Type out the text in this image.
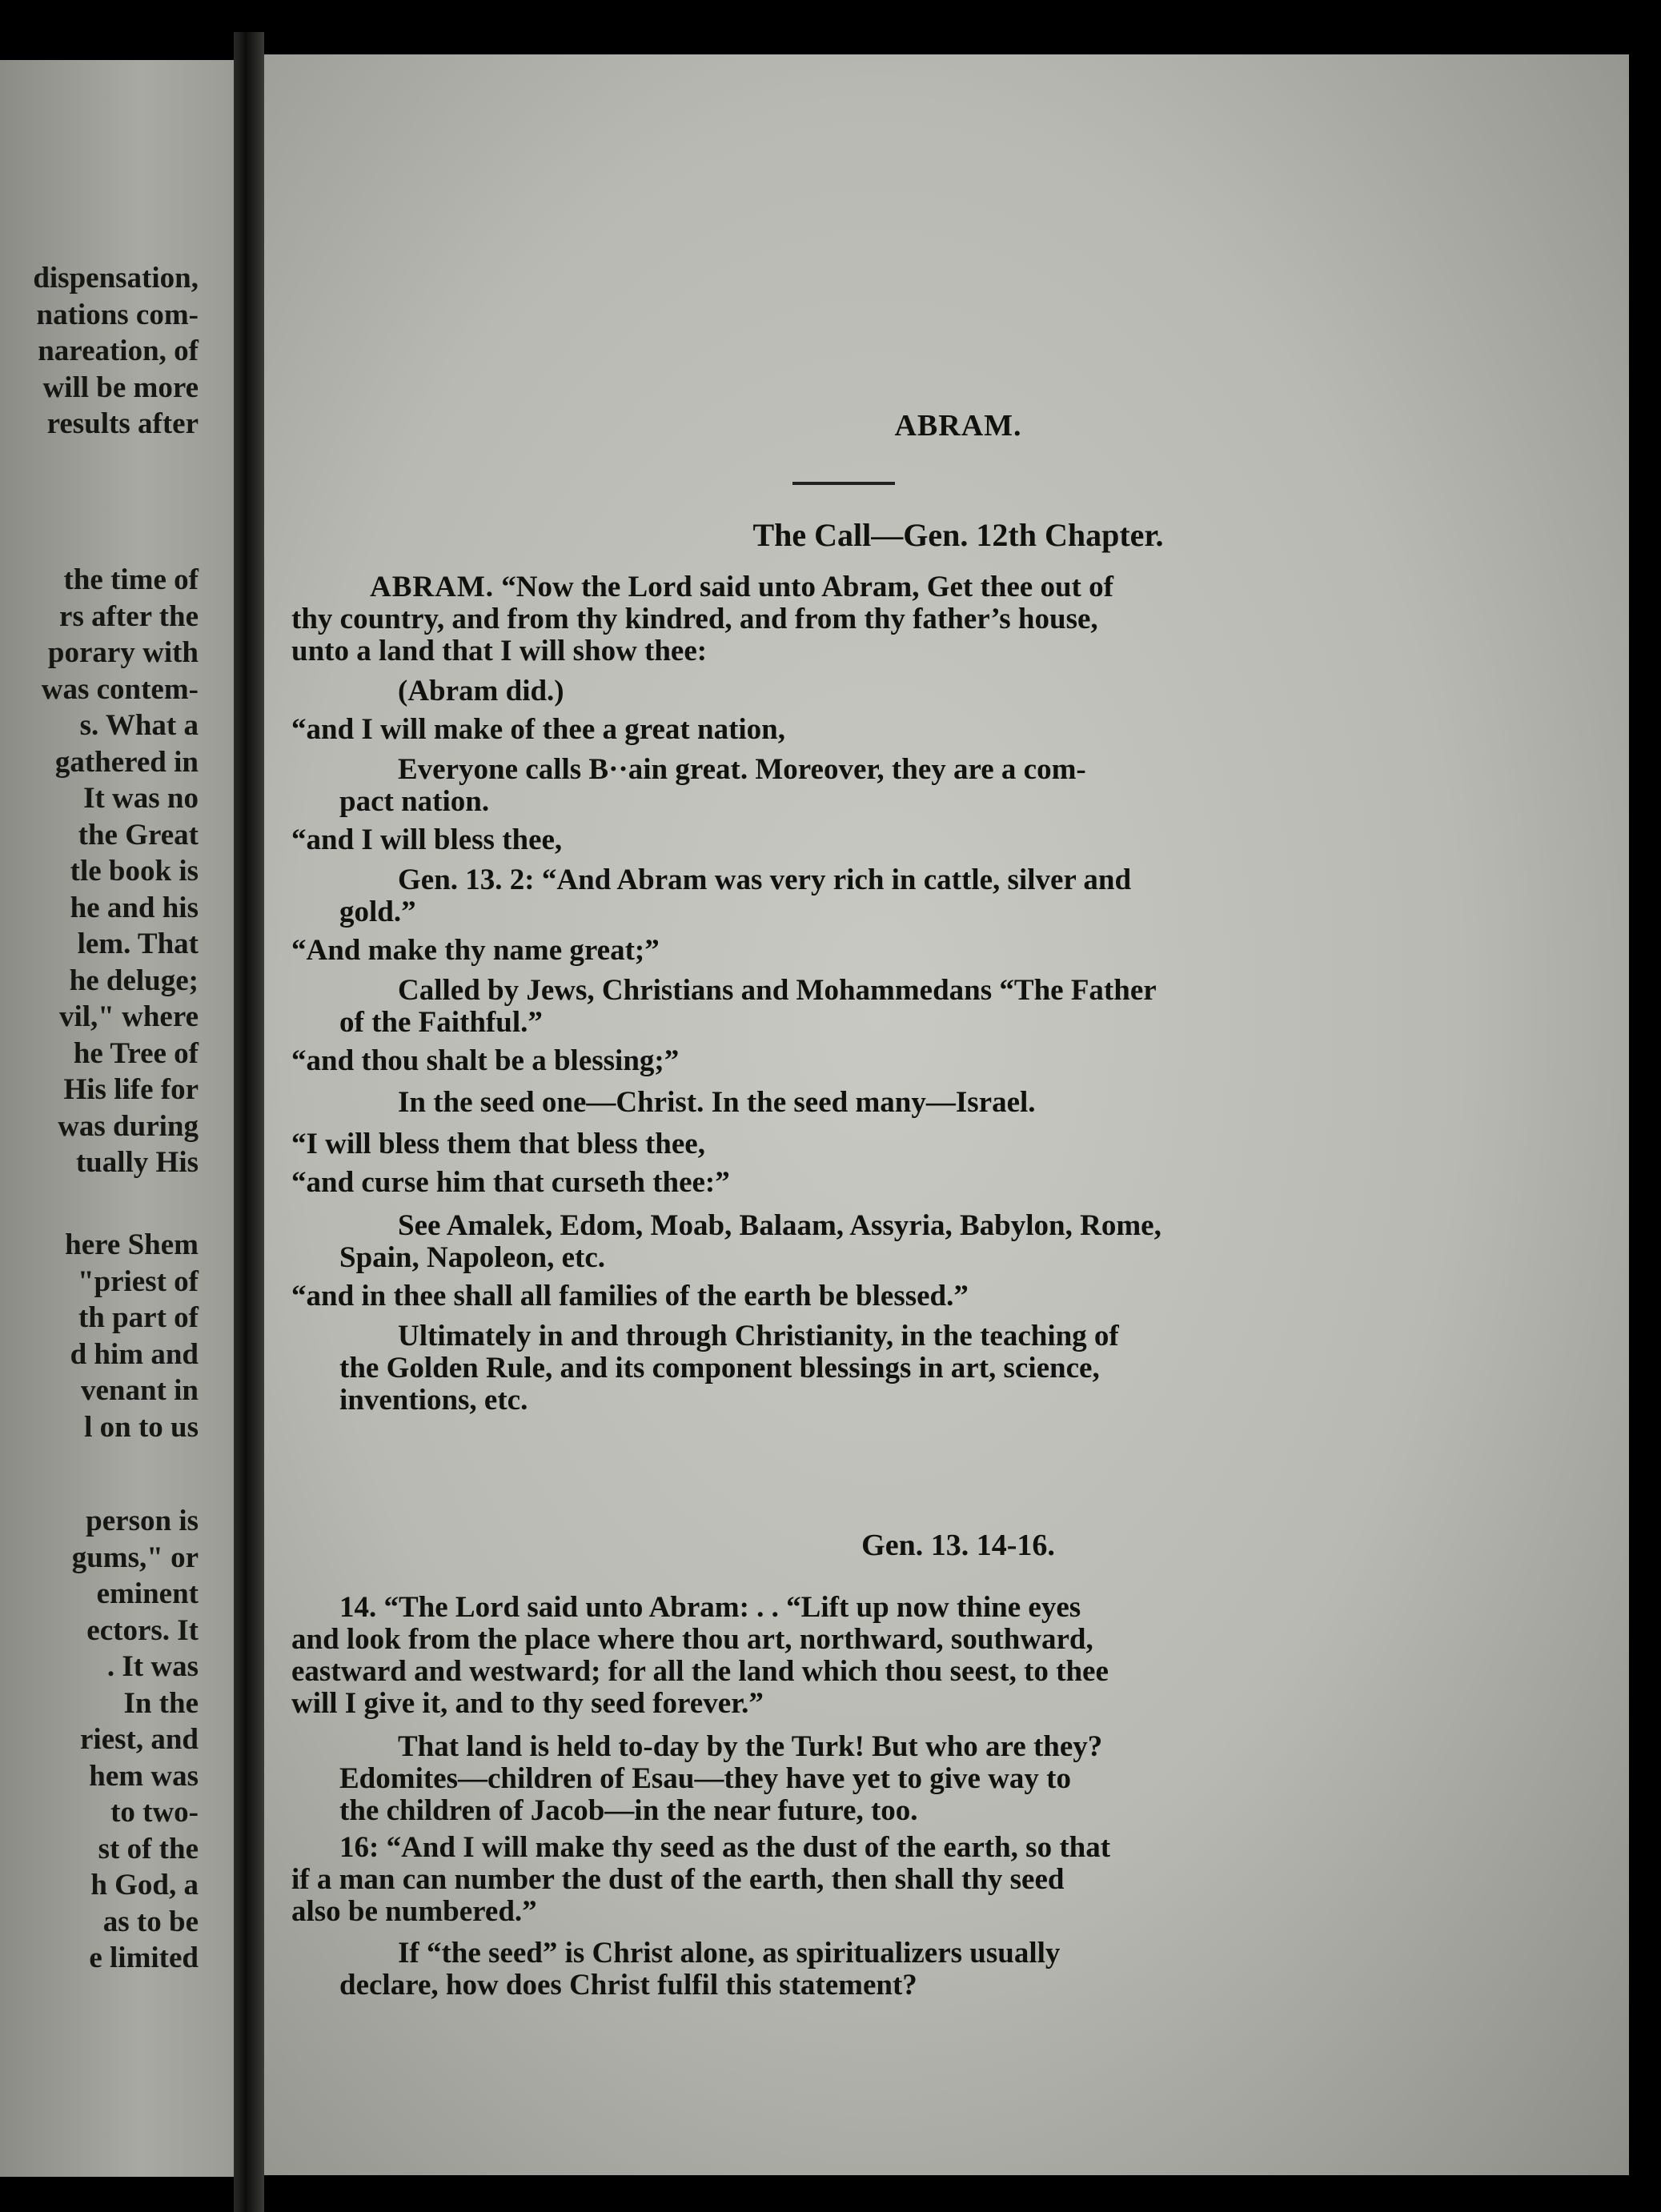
dispensation,
nations com-
nareation, of
will be more
results after
the time of
rs after the
porary with
was contem-
s. What a
gathered in
It was no
the Great
tle book is
he and his
lem. That
he deluge;
vil," where
he Tree of
His life for
was during
tually His
here Shem
"priest of
th part of
d him and
venant in
l on to us
person is
gums," or
eminent
ectors. It
. It was
In the
riest, and
hem was
to two-
st of the
h God, a
as to be
e limited
ABRAM.
The Call—Gen. 12th Chapter.
ABRAM. “Now the Lord said unto Abram, Get thee out of
thy country, and from thy kindred, and from thy father’s house,
unto a land that I will show thee:
(Abram did.)
“and I will make of thee a great nation,
Everyone calls B··ain great. Moreover, they are a com-
pact nation.
“and I will bless thee,
Gen. 13. 2: “And Abram was very rich in cattle, silver and
gold.”
“And make thy name great;”
Called by Jews, Christians and Mohammedans “The Father
of the Faithful.”
“and thou shalt be a blessing;”
In the seed one—Christ. In the seed many—Israel.
“I will bless them that bless thee,
“and curse him that curseth thee:”
See Amalek, Edom, Moab, Balaam, Assyria, Babylon, Rome,
Spain, Napoleon, etc.
“and in thee shall all families of the earth be blessed.”
Ultimately in and through Christianity, in the teaching of
the Golden Rule, and its component blessings in art, science,
inventions, etc.
Gen. 13. 14-16.
14. “The Lord said unto Abram: . . “Lift up now thine eyes
and look from the place where thou art, northward, southward,
eastward and westward; for all the land which thou seest, to thee
will I give it, and to thy seed forever.”
That land is held to-day by the Turk! But who are they?
Edomites—children of Esau—they have yet to give way to
the children of Jacob—in the near future, too.
16: “And I will make thy seed as the dust of the earth, so that
if a man can number the dust of the earth, then shall thy seed
also be numbered.”
If “the seed” is Christ alone, as spiritualizers usually
declare, how does Christ fulfil this statement?
